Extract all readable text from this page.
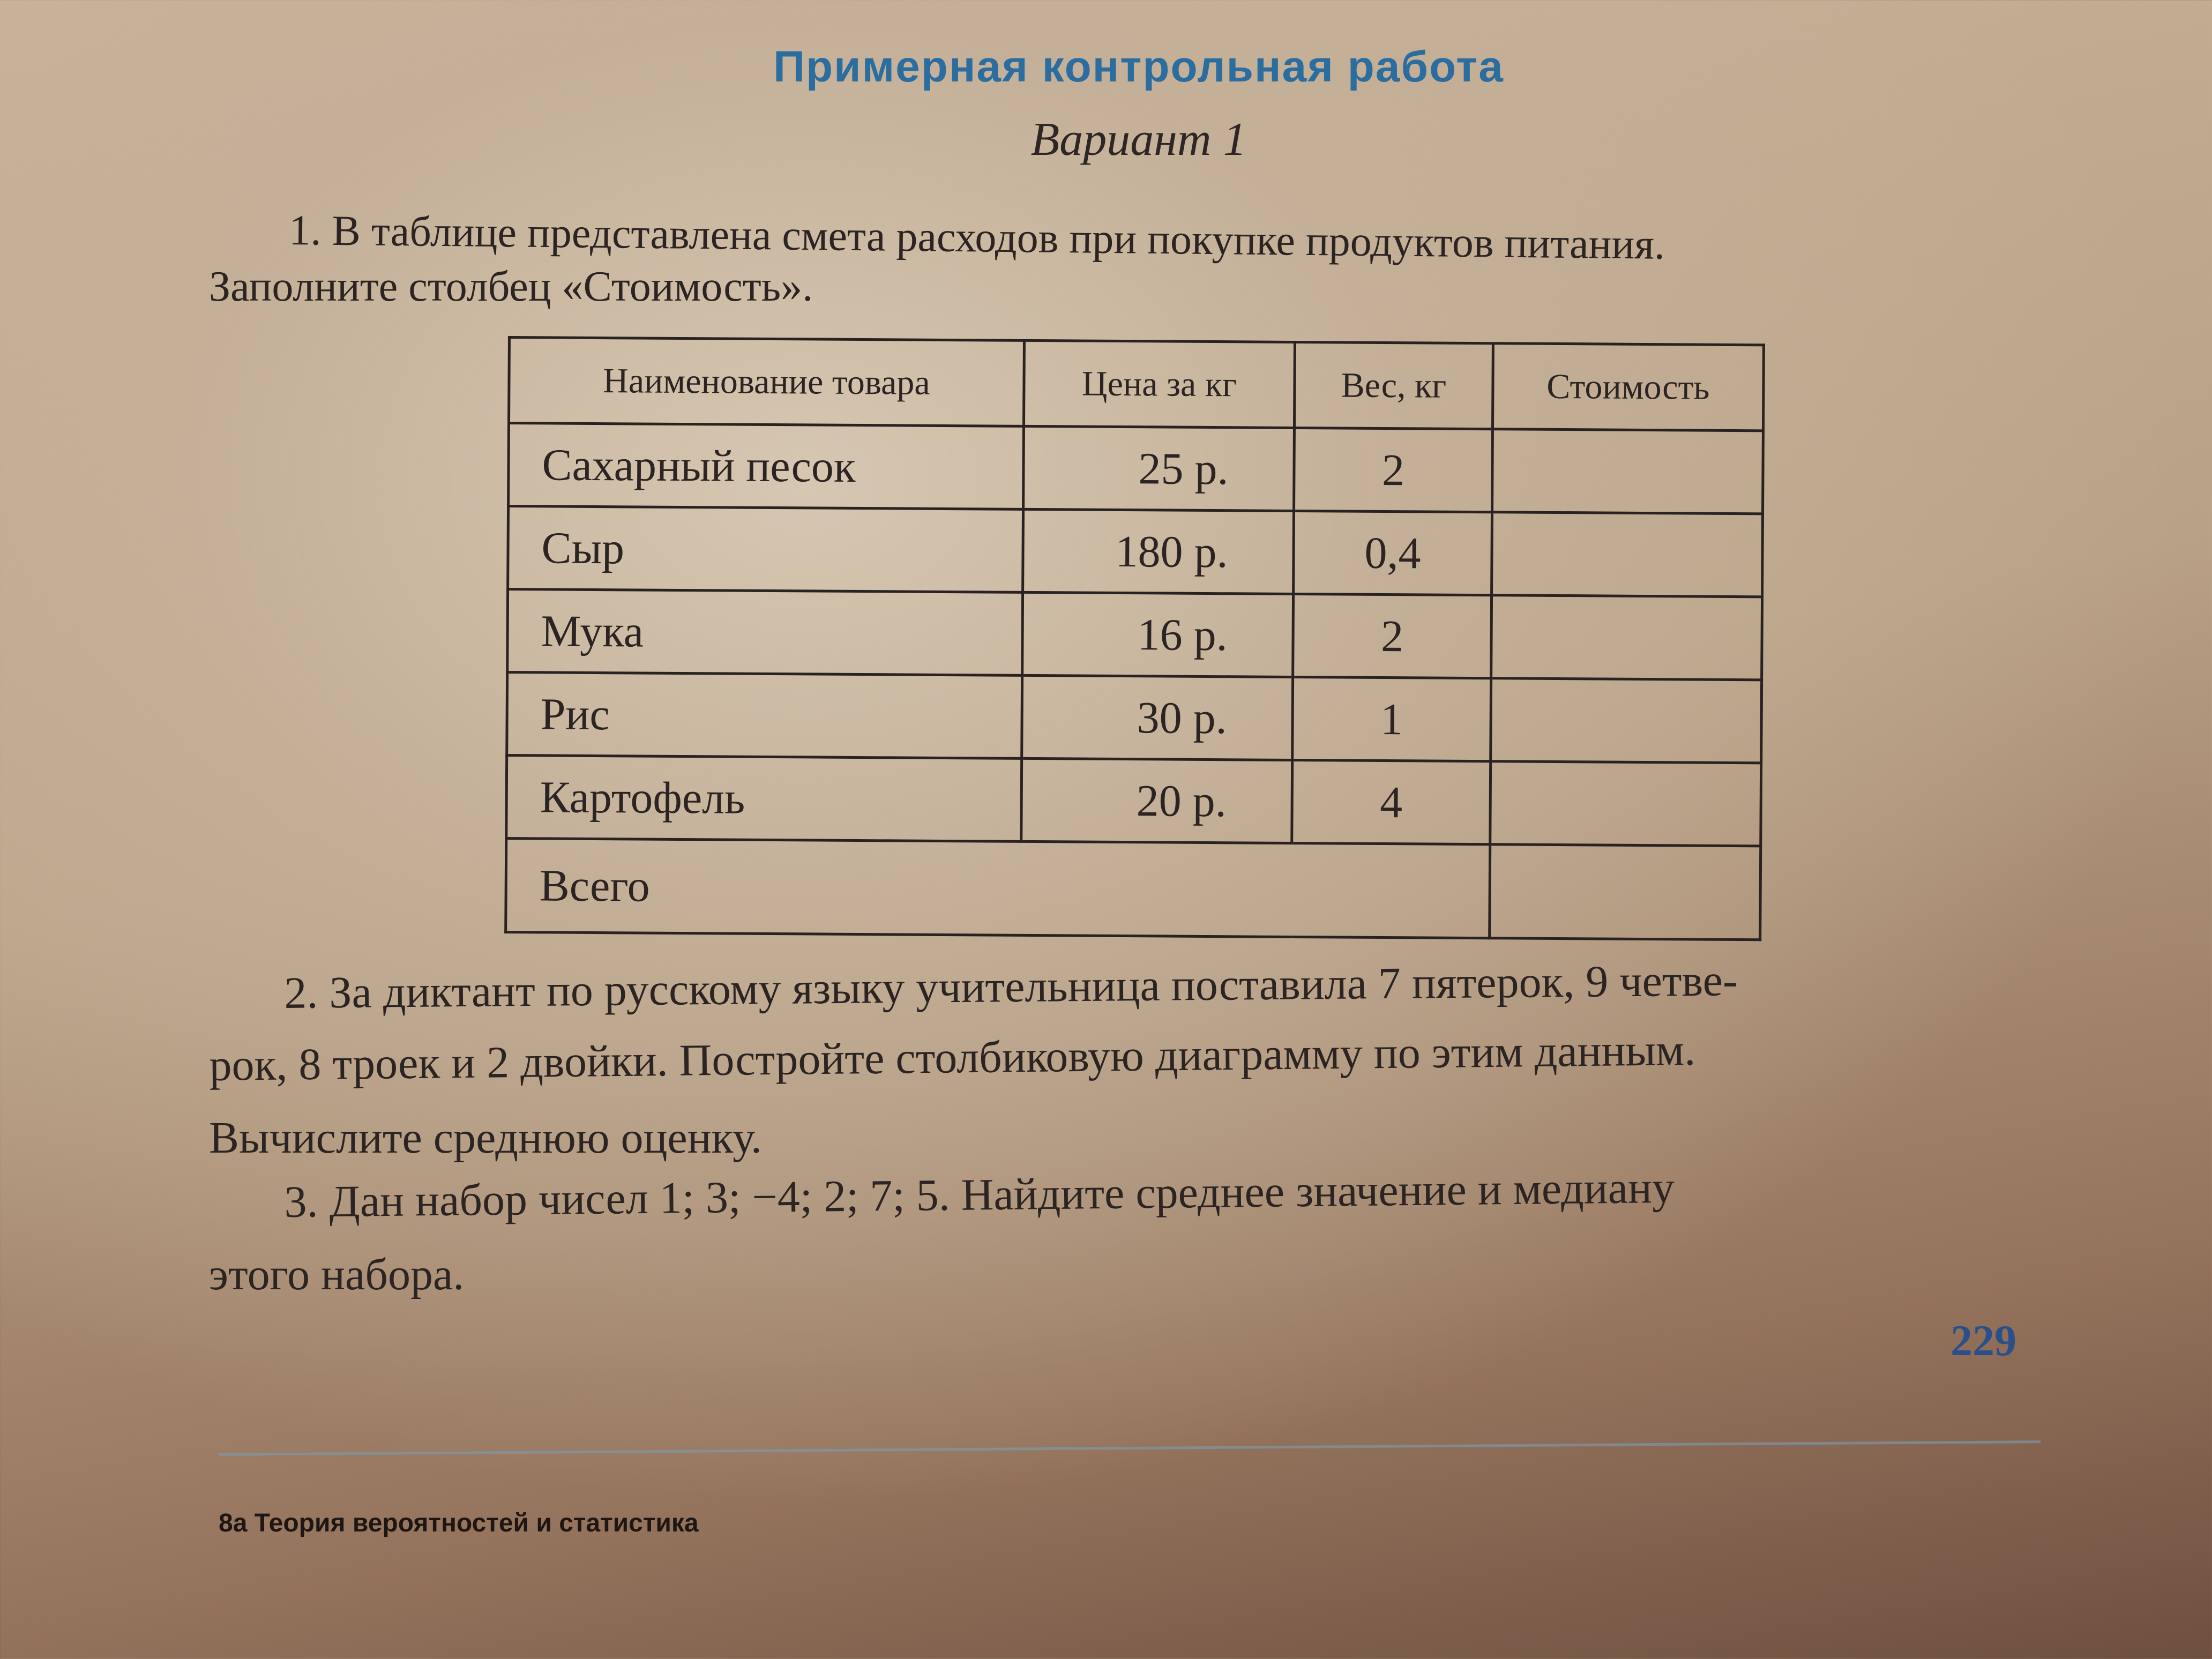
Примерная контрольная работа
Вариант 1
1. В таблице представлена смета расходов при покупке продуктов питания.
Заполните столбец «Стоимость».
Наименование товара	Цена за кг	Вес, кг	Стоимость
Сахарный песок	25 р.	2	
Сыр	180 р.	0,4	
Мука	16 р.	2	
Рис	30 р.	1	
Картофель	20 р.	4	
Всего			
2. За диктант по русскому языку учительница поставила 7 пятерок, 9 четве-
рок, 8 троек и 2 двойки. Постройте столбиковую диаграмму по этим данным.
Вычислите среднюю оценку.
3. Дан набор чисел 1; 3; −4; 2; 7; 5. Найдите среднее значение и медиану
этого набора.
229
8а Теория вероятностей и статистика
